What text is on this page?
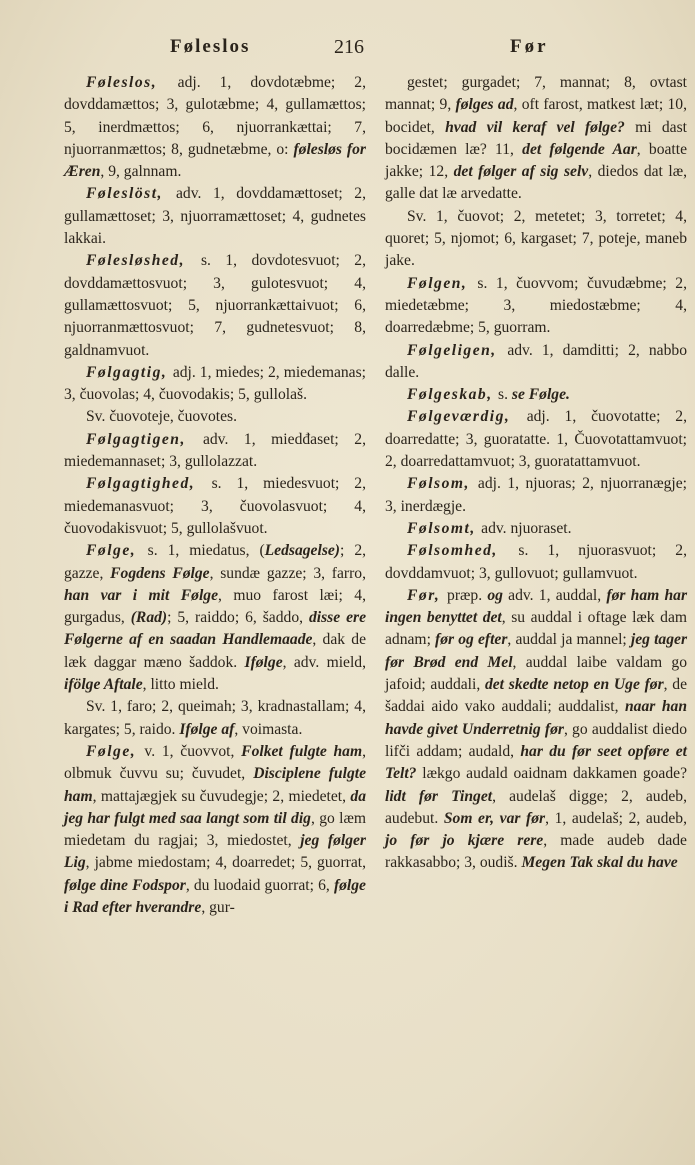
Føleslos	216	Før

Føleslos, adj. 1, dovdotæbme; 2, dovddamættos; 3, gulotæbme; 4, gullamættos; 5, inerdmættos; 6, njuorrankættai; 7, njuorranmættos; 8, gudnetæbme, o: følesløs for Æren, 9, galnnam.

Føleslöst, adv. 1, dovddamættoset; 2, gullamættoset; 3, njuorramættoset; 4, gudnetes lakkai.

Følesløshed, s. 1, dovdotesvuot; 2, dovddamættosvuot; 3, gulotesvuot; 4, gullamættosvuot; 5, njuorrankættaivuot; 6, njuorranmættosvuot; 7, gudnetesvuot; 8, galdnamvuot.

Følgagtig, adj. 1, miedes; 2, miedemanas; 3, čuovolas; 4, čuovodakis; 5, gullolaš.

Sv. čuovoteje, čuovotes.

Følgagtigen, adv. 1, miedđaset; 2, miedemannaset; 3, gullolazzat.

Følgagtighed, s. 1, miedesvuot; 2, miedemanasvuot; 3, čuovolasvuot; 4, čuovodakisvuot; 5, gullolašvuot.

Følge, s. 1, miedatus, (Ledsagelse); 2, gazze, Fogdens Følge, sundæ gazze; 3, farro, han var i mit Følge, muo farost læi; 4, gurgadus, (Rad); 5, raiddo; 6, šaddo, disse ere Følgerne af en saadan Handlemaade, dak de læk daggar mæno šaddok. Ifølge, adv. mield, ifölge Aftale, litto mield.

Sv. 1, faro; 2, queimah; 3, kradnastallam; 4, kargates; 5, raido. Ifølge af, voimasta.

Følge, v. 1, čuovvot, Folket fulgte ham, olbmuk čuvvu su; čuvudet, Disciplene fulgte ham, mattajægjek su čuvudegje; 2, miedetet, da jeg har fulgt med saa langt som til dig, go læm miedetam du ragjai; 3, miedostet, jeg følger Lig, jabme miedostam; 4, doarredet; 5, guorrat, følge dine Fodspor, du luodaid guorrat; 6, følge i Rad efter hverandre, gur-

gestet; gurgadet; 7, mannat; 8, ovtast mannat; 9, følges ad, oft farost, matkest læt; 10, bocidet, hvad vil keraf vel følge? mi dast bocidæmen læ? 11, det følgende Aar, boatte jakke; 12, det følger af sig selv, diedos dat læ, galle dat læ arvedatte.

Sv. 1, čuovot; 2, metetet; 3, torretet; 4, quoret; 5, njomot; 6, kargaset; 7, poteje, maneb jake.

Følgen, s. 1, čuovvom; čuvudæbme; 2, miedetæbme; 3, miedostæbme; 4, doarredæbme; 5, guorram.

Følgeligen, adv. 1, damditti; 2, nabbo dalle.

Følgeskab, s. se Følge.

Følgeværdig, adj. 1, čuovotatte; 2, doarredatte; 3, guoratatte. 1, Čuovotattamvuot; 2, doarredattamvuot; 3, guoratattamvuot.

Følsom, adj. 1, njuoras; 2, njuorranægje; 3, inerdægje.

Følsomt, adv. njuoraset.

Følsomhed, s. 1, njuorasvuot; 2, dovddamvuot; 3, gullovuot; gullamvuot.

Før, præp. og adv. 1, auddal, før ham har ingen benyttet det, su auddal i oftage læk dam adnam; før og efter, auddal ja mannel; jeg tager før Brød end Mel, auddal laibe valdam go jafoid; auddali, det skedte netop en Uge før, de šaddai aido vako auddali; auddalist, naar han havde givet Underretnig før, go auddalist diedo lifči addam; audald, har du før seet opføre et Telt? lækgo audald oaidnam dakkamen goade? lidt før Tinget, audelaš digge; 2, audeb, audebut. Som er, var før, 1, audelaš; 2, audeb, jo før jo kjære rere, made audeb dade rakkasabbo; 3, oudiš. Megen Tak skal du have
